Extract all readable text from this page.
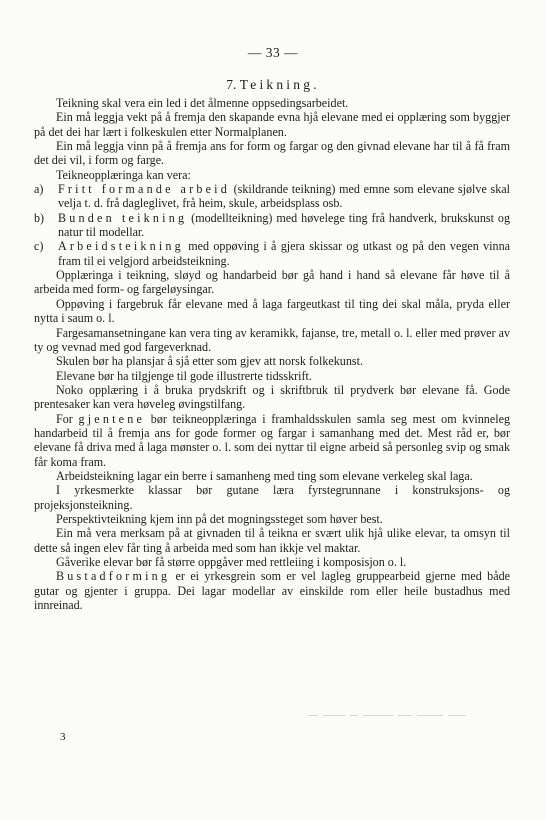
— 33 —
7. Teikning.

Teikning skal vera ein led i det ålmenne oppsedingsarbeidet.

Ein må leggja vekt på å fremja den skapande evna hjå elevane med ei opplæring som byggjer på det dei har lært i folkeskulen etter Normalplanen.

Ein må leggja vinn på å fremja ans for form og fargar og den givnad elevane har til å få fram det dei vil, i form og farge.

Teikneopplæringa kan vera:

a) Fritt formande arbeid (skildrande teikning) med emne som elevane sjølve skal velja t. d. frå dagleglivet, frå heim, skule, arbeidsplass osb.

b) Bunden teikning (modellteikning) med høvelege ting frå handverk, brukskunst og natur til modellar.

c) Arbeidsteikning med oppøving i å gjera skissar og utkast og på den vegen vinna fram til ei velgjord arbeidsteikning.

Opplæringa i teikning, sløyd og handarbeid bør gå hand i hand så elevane får høve til å arbeida med form- og fargeløysingar.

Oppøving i fargebruk får elevane med å laga fargeutkast til ting dei skal måla, pryda eller nytta i saum o. l.

Fargesamansetningane kan vera ting av keramikk, fajanse, tre, metall o. l. eller med prøver av ty og vevnad med god fargeverknad.

Skulen bør ha plansjar å sjå etter som gjev att norsk folkekunst.

Elevane bør ha tilgjenge til gode illustrerte tidsskrift.

Noko opplæring i å bruka prydskrift og i skriftbruk til prydverk bør elevane få. Gode prentesaker kan vera høveleg øvingstilfang.

For gjentene bør teikneopplæringa i framhaldsskulen samla seg mest om kvinneleg handarbeid til å fremja ans for gode former og fargar i samanhang med det. Mest råd er, bør elevane få driva med å laga mønster o. l. som dei nyttar til eigne arbeid så personleg svip og smak får koma fram.

Arbeidsteikning lagar ein berre i samanheng med ting som elevane verkeleg skal laga.

I yrkesmerkte klassar bør gutane læra fyrstegrunnane i konstruksjons- og projeksjonsteikning.

Perspektivteikning kjem inn på det mogningssteget som høver best.

Ein må vera merksam på at givnaden til å teikna er svært ulik hjå ulike elevar, ta omsyn til dette så ingen elev får ting å arbeida med som han ikkje vel maktar.

Gåverike elevar bør få større oppgåver med rettleiing i komposisjon o. l.

Bustadforming er ei yrkesgrein som er vel lagleg gruppearbeid gjerne med både gutar og gjenter i gruppa. Dei lagar modellar av einskilde rom eller heile bustadhus med innreinad.

3
